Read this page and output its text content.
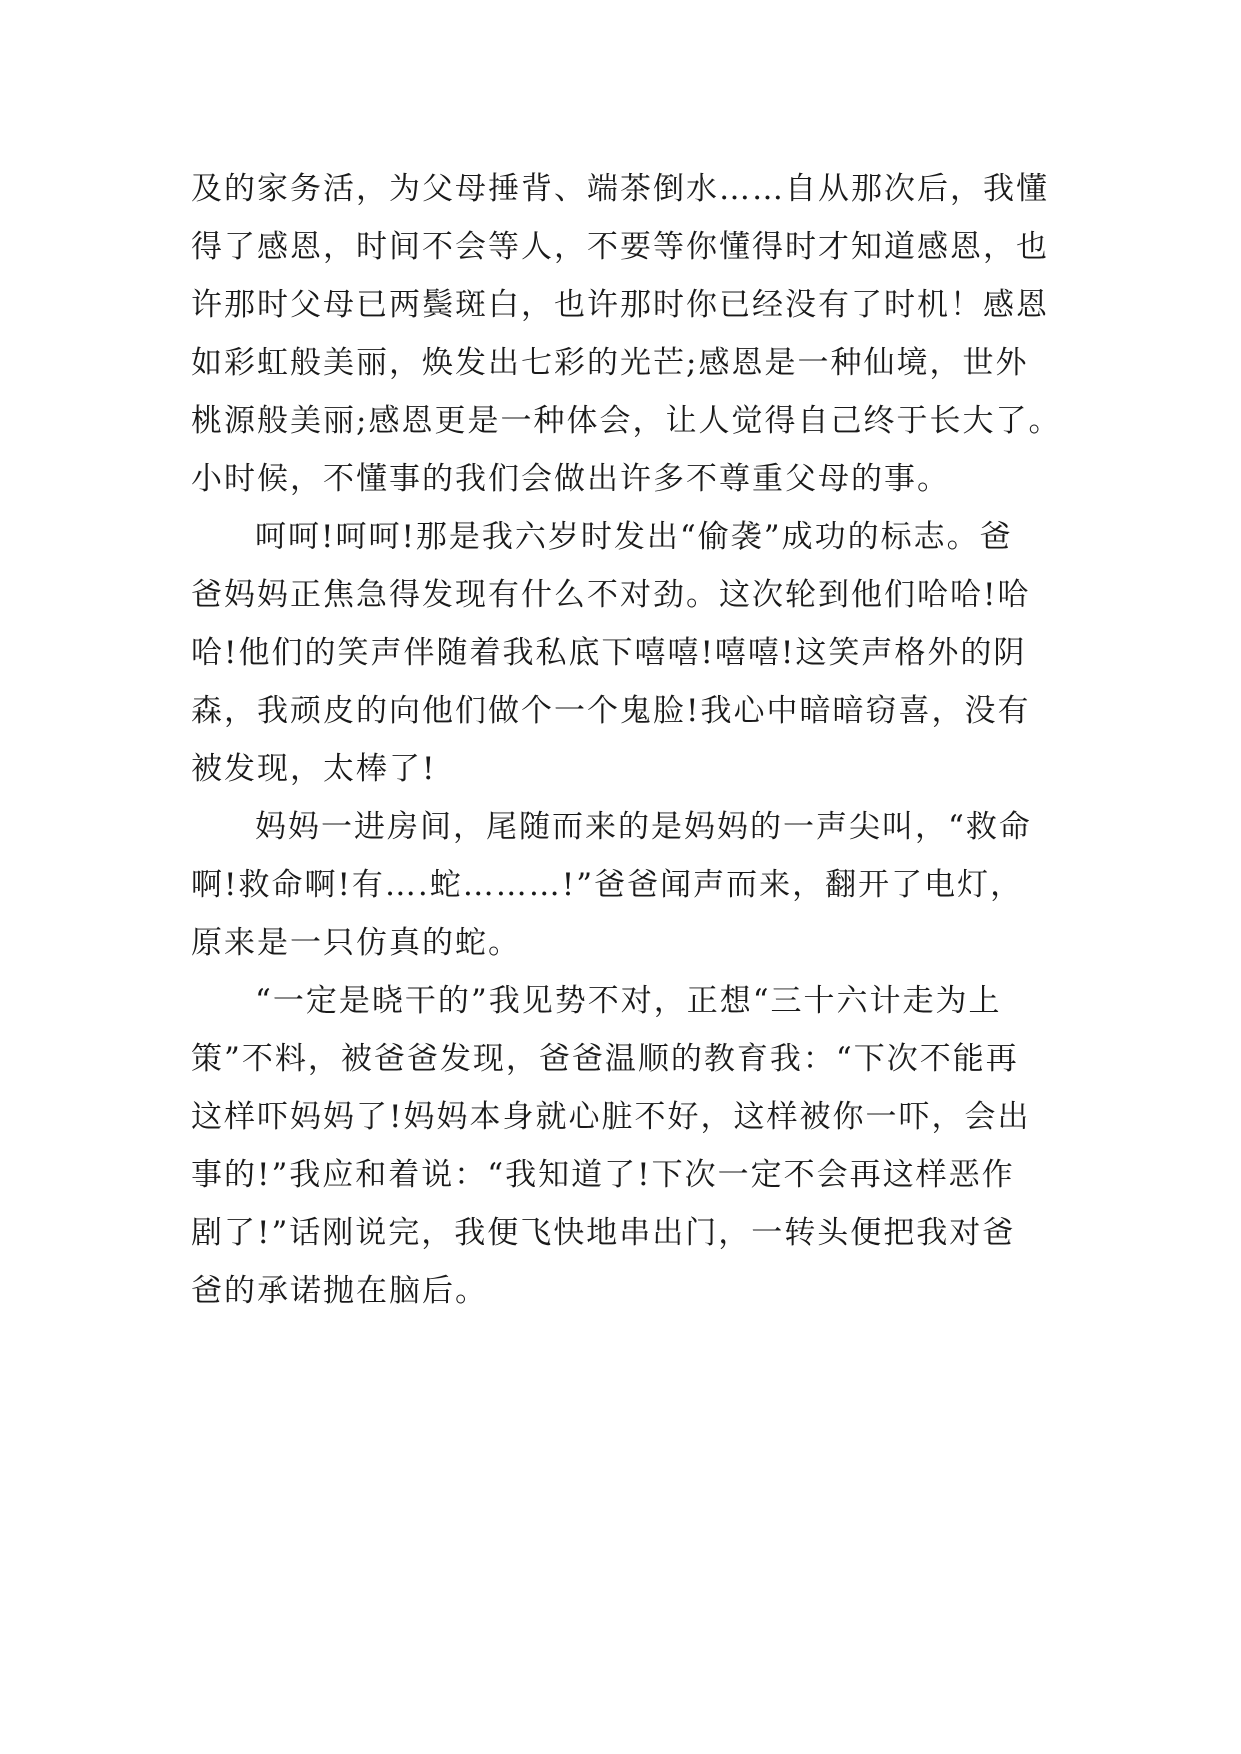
及的家务活，为父母捶背、端茶倒水……自从那次后，我懂
得了感恩，时间不会等人，不要等你懂得时才知道感恩，也
许那时父母已两鬓斑白，也许那时你已经没有了时机！感恩
如彩虹般美丽，焕发出七彩的光芒;感恩是一种仙境，世外
桃源般美丽;感恩更是一种体会，让人觉得自己终于长大了。
小时候，不懂事的我们会做出许多不尊重父母的事。
呵呵!呵呵!那是我六岁时发出“偷袭”成功的标志。爸
爸妈妈正焦急得发现有什么不对劲。这次轮到他们哈哈!哈
哈!他们的笑声伴随着我私底下嘻嘻!嘻嘻!这笑声格外的阴
森，我顽皮的向他们做个一个鬼脸!我心中暗暗窃喜，没有
被发现，太棒了!
妈妈一进房间，尾随而来的是妈妈的一声尖叫，“救命
啊!救命啊!有….蛇………!”爸爸闻声而来，翻开了电灯，
原来是一只仿真的蛇。
“一定是晓干的”我见势不对，正想“三十六计走为上
策”不料，被爸爸发现，爸爸温顺的教育我：“下次不能再
这样吓妈妈了!妈妈本身就心脏不好，这样被你一吓，会出
事的!”我应和着说：“我知道了!下次一定不会再这样恶作
剧了!”话刚说完，我便飞快地串出门，一转头便把我对爸
爸的承诺抛在脑后。
